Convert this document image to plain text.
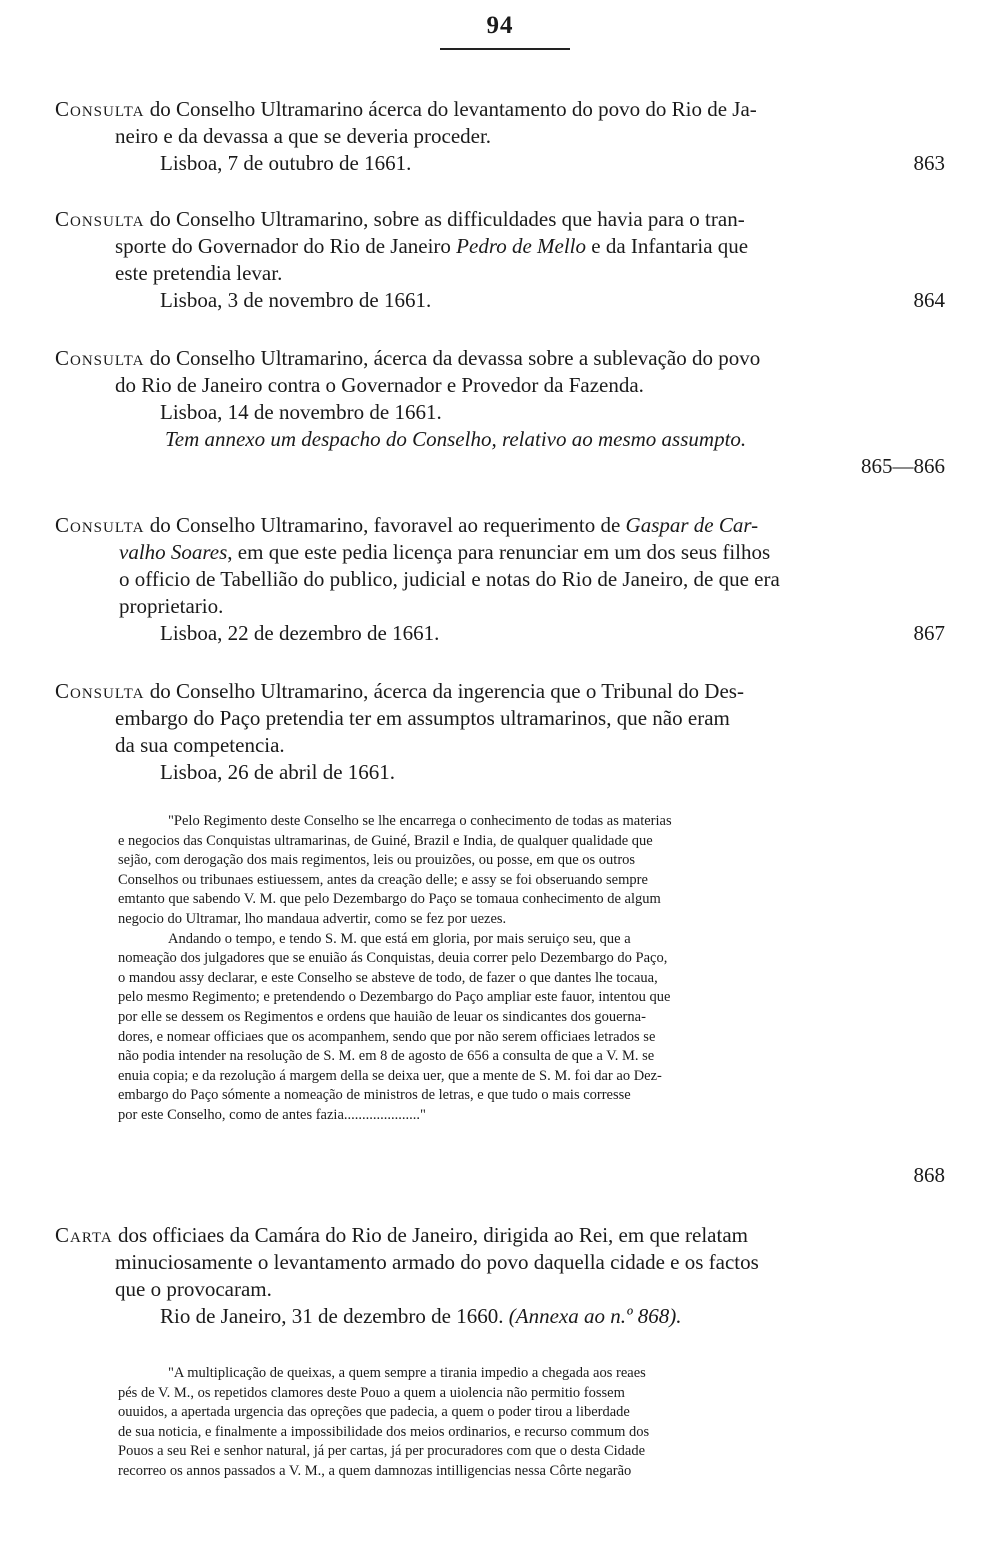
94
Consulta do Conselho Ultramarino ácerca do levantamento do povo do Rio de Ja-
neiro e da devassa a que se deveria proceder.
Lisboa, 7 de outubro de 1661.	863
Consulta do Conselho Ultramarino, sobre as difficuldades que havia para o tran-
sporte do Governador do Rio de Janeiro Pedro de Mello e da Infantaria que
este pretendia levar.
Lisboa, 3 de novembro de 1661.	864
Consulta do Conselho Ultramarino, ácerca da devassa sobre a sublevação do povo
do Rio de Janeiro contra o Governador e Provedor da Fazenda.
Lisboa, 14 de novembro de 1661.
Tem annexo um despacho do Conselho, relativo ao mesmo assumpto.
865—866
Consulta do Conselho Ultramarino, favoravel ao requerimento de Gaspar de Car-
valho Soares, em que este pedia licença para renunciar em um dos seus filhos
o officio de Tabellião do publico, judicial e notas do Rio de Janeiro, de que era
proprietario.
Lisboa, 22 de dezembro de 1661.	867
Consulta do Conselho Ultramarino, ácerca da ingerencia que o Tribunal do Des-
embargo do Paço pretendia ter em assumptos ultramarinos, que não eram
da sua competencia.
Lisboa, 26 de abril de 1661.
"Pelo Regimento deste Conselho se lhe encarrega o conhecimento de todas as materias
e negocios das Conquistas ultramarinas, de Guiné, Brazil e India, de qualquer qualidade que
sejão, com derogação dos mais regimentos, leis ou prouizões, ou posse, em que os outros
Conselhos ou tribunaes estiuessem, antes da creação delle; e assy se foi obseruando sempre
emtanto que sabendo V. M. que pelo Dezembargo do Paço se tomaua conhecimento de algum
negocio do Ultramar, lho mandaua advertir, como se fez por uezes.
Andando o tempo, e tendo S. M. que está em gloria, por mais seruiço seu, que a
nomeação dos julgadores que se enuião ás Conquistas, deuia correr pelo Dezembargo do Paço,
o mandou assy declarar, e este Conselho se absteve de todo, de fazer o que dantes lhe tocaua,
pelo mesmo Regimento; e pretendendo o Dezembargo do Paço ampliar este fauor, intentou que
por elle se dessem os Regimentos e ordens que hauião de leuar os sindicantes dos gouerna-
dores, e nomear officiaes que os acompanhem, sendo que por não serem officiaes letrados se
não podia intender na resolução de S. M. em 8 de agosto de 656 a consulta de que a V. M. se
enuia copia; e da rezolução á margem della se deixa uer, que a mente de S. M. foi dar ao Dez-
embargo do Paço sómente a nomeação de ministros de letras, e que tudo o mais corresse
por este Conselho, como de antes fazia....................."
868
Carta dos officiaes da Camára do Rio de Janeiro, dirigida ao Rei, em que relatam
minuciosamente o levantamento armado do povo daquella cidade e os factos
que o provocaram.
Rio de Janeiro, 31 de dezembro de 1660. (Annexa ao n.º 868).
"A multiplicação de queixas, a quem sempre a tirania impedio a chegada aos reaes
pés de V. M., os repetidos clamores deste Pouo a quem a uiolencia não permitio fossem
ouuidos, a apertada urgencia das opreções que padecia, a quem o poder tirou a liberdade
de sua noticia, e finalmente a impossibilidade dos meios ordinarios, e recurso commum dos
Pouos a seu Rei e senhor natural, já per cartas, já per procuradores com que o desta Cidade
recorreo os annos passados a V. M., a quem damnozas intilligencias nessa Côrte negarão
